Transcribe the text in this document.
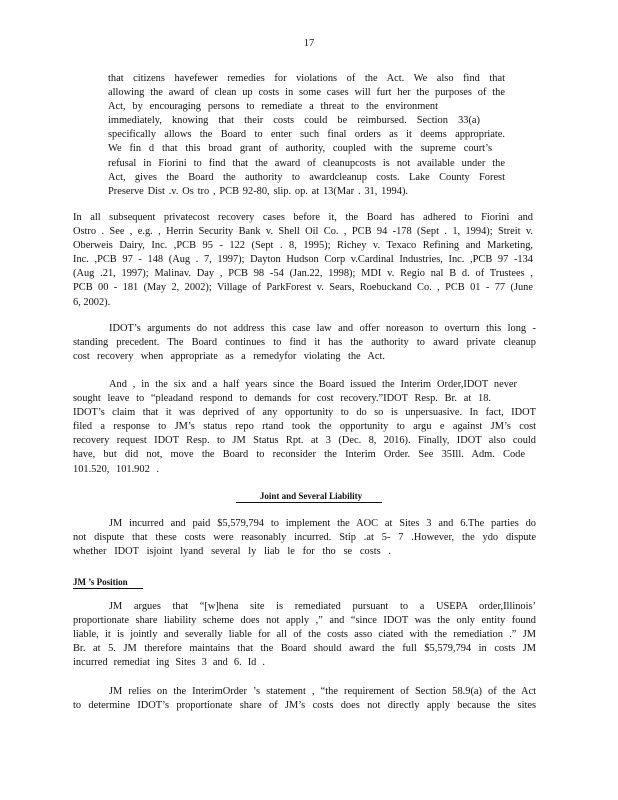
17
that citizens havefewer remedies for violations of the Act. We also find that
allowing the award of clean up costs in some cases will furt her the purposes of the
Act, by encouraging persons to remediate a threat to the environment
immediately, knowing that their costs could be reimbursed. Section 33(a)
specifically allows the Board to enter such final orders as it deems appropriate.
We fin d that this broad grant of authority, coupled with the supreme court’s
refusal in Fiorini to find that the award of cleanupcosts is not available under the
Act, gives the Board the authority to awardcleanup costs. Lake County Forest
Preserve Dist .v. Os tro , PCB 92-80, slip. op. at 13(Mar . 31, 1994).
In all subsequent privatecost recovery cases before it, the Board has adhered to Fiorini and
Ostro . See , e.g. , Herrin Security Bank v. Shell Oil Co. , PCB 94 -178 (Sept . 1, 1994); Streit v.
Oberweis Dairy, Inc. ,PCB 95 - 122 (Sept . 8, 1995); Richey v. Texaco Refining and Marketing,
Inc. ,PCB 97 - 148 (Aug . 7, 1997); Dayton Hudson Corp v.Cardinal Industries, Inc. ,PCB 97 -134
(Aug .21, 1997); Malinav. Day , PCB 98 -54 (Jan.22, 1998); MDI v. Regio nal B d. of Trustees ,
PCB 00 - 181 (May 2, 2002); Village of ParkForest v. Sears, Roebuckand Co. , PCB 01 - 77 (June
6, 2002).
IDOT’s arguments do not address this case law and offer noreason to overturn this long -
standing precedent. The Board continues to find it has the authority to award private cleanup
cost recovery when appropriate as a remedyfor violating the Act.
And , in the six and a half years since the Board issued the Interim Order,IDOT never
sought leave to “pleadand respond to demands for cost recovery.”IDOT Resp. Br. at 18.
IDOT’s claim that it was deprived of any opportunity to do so is unpersuasive. In fact, IDOT
filed a response to JM’s status repo rtand took the opportunity to argu e against JM’s cost
recovery request IDOT Resp. to JM Status Rpt. at 3 (Dec. 8, 2016). Finally, IDOT also could
have, but did not, move the Board to reconsider the Interim Order. See 35Ill. Adm. Code
101.520, 101.902 .
Joint and Several Liability
JM incurred and paid $5,579,794 to implement the AOC at Sites 3 and 6.The parties do
not dispute that these costs were reasonably incurred. Stip .at 5- 7 .However, the ydo dispute
whether IDOT isjoint lyand several ly liab le for tho se costs .
JM ’s Position
JM argues that “[w]hena site is remediated pursuant to a USEPA order,Illinois’
proportionate share liability scheme does not apply ,” and “since IDOT was the only entity found
liable, it is jointly and severally liable for all of the costs asso ciated with the remediation .” JM
Br. at 5. JM therefore maintains that the Board should award the full $5,579,794 in costs JM
incurred remediat ing Sites 3 and 6. Id .
JM relies on the InterimOrder ’s statement , “the requirement of Section 58.9(a) of the Act
to determine IDOT’s proportionate share of JM’s costs does not directly apply because the sites
